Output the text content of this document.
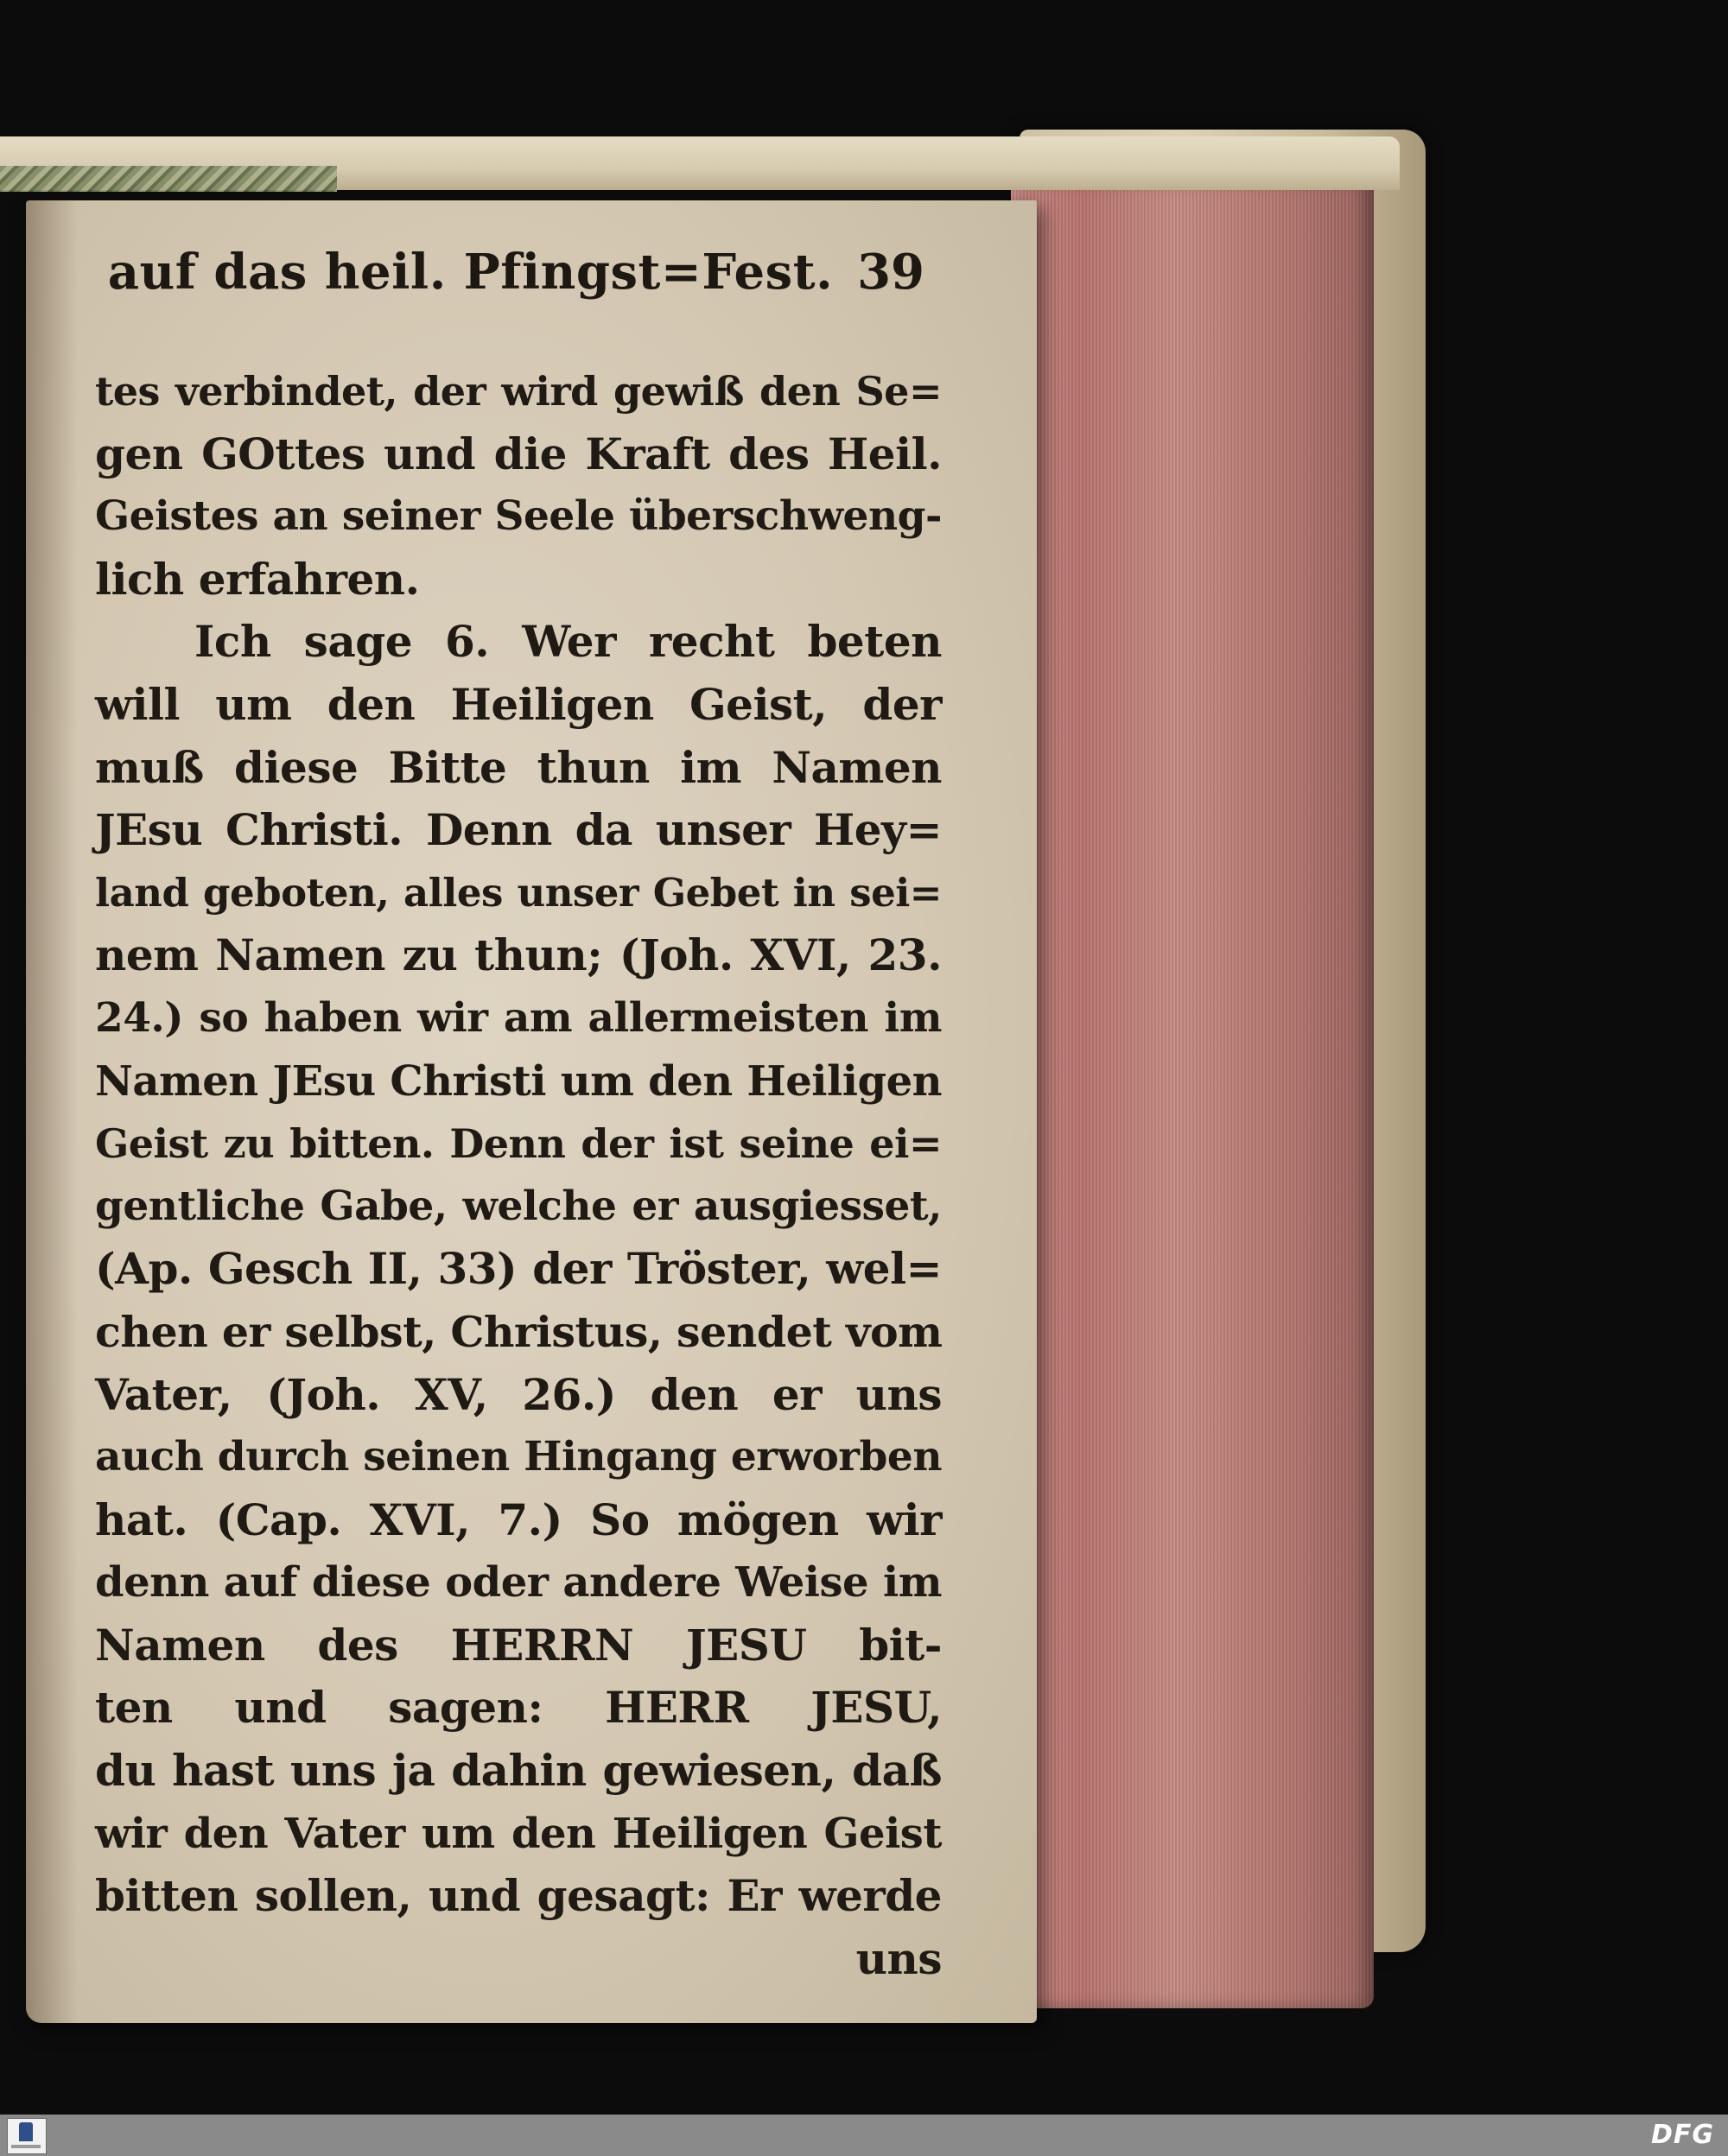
auf das heil. Pfingst=Fest. 39
tes verbindet, der wird gewiß den Se=
gen GOttes und die Kraft des Heil.
Geistes an seiner Seele überschweng-
lich erfahren.
Ich sage 6. Wer recht beten
will um den Heiligen Geist, der
muß diese Bitte thun im Namen
JEsu Christi. Denn da unser Hey=
land geboten, alles unser Gebet in sei=
nem Namen zu thun; (Joh. XVI, 23.
24.) so haben wir am allermeisten im
Namen JEsu Christi um den Heiligen
Geist zu bitten. Denn der ist seine ei=
gentliche Gabe, welche er ausgiesset,
(Ap. Gesch II, 33) der Tröster, wel=
chen er selbst, Christus, sendet vom
Vater, (Joh. XV, 26.) den er uns
auch durch seinen Hingang erworben
hat. (Cap. XVI, 7.) So mögen wir
denn auf diese oder andere Weise im
Namen des HERRN JESU bit-
ten und sagen: HERR JESU,
du hast uns ja dahin gewiesen, daß
wir den Vater um den Heiligen Geist
bitten sollen, und gesagt: Er werde
uns
DFG
